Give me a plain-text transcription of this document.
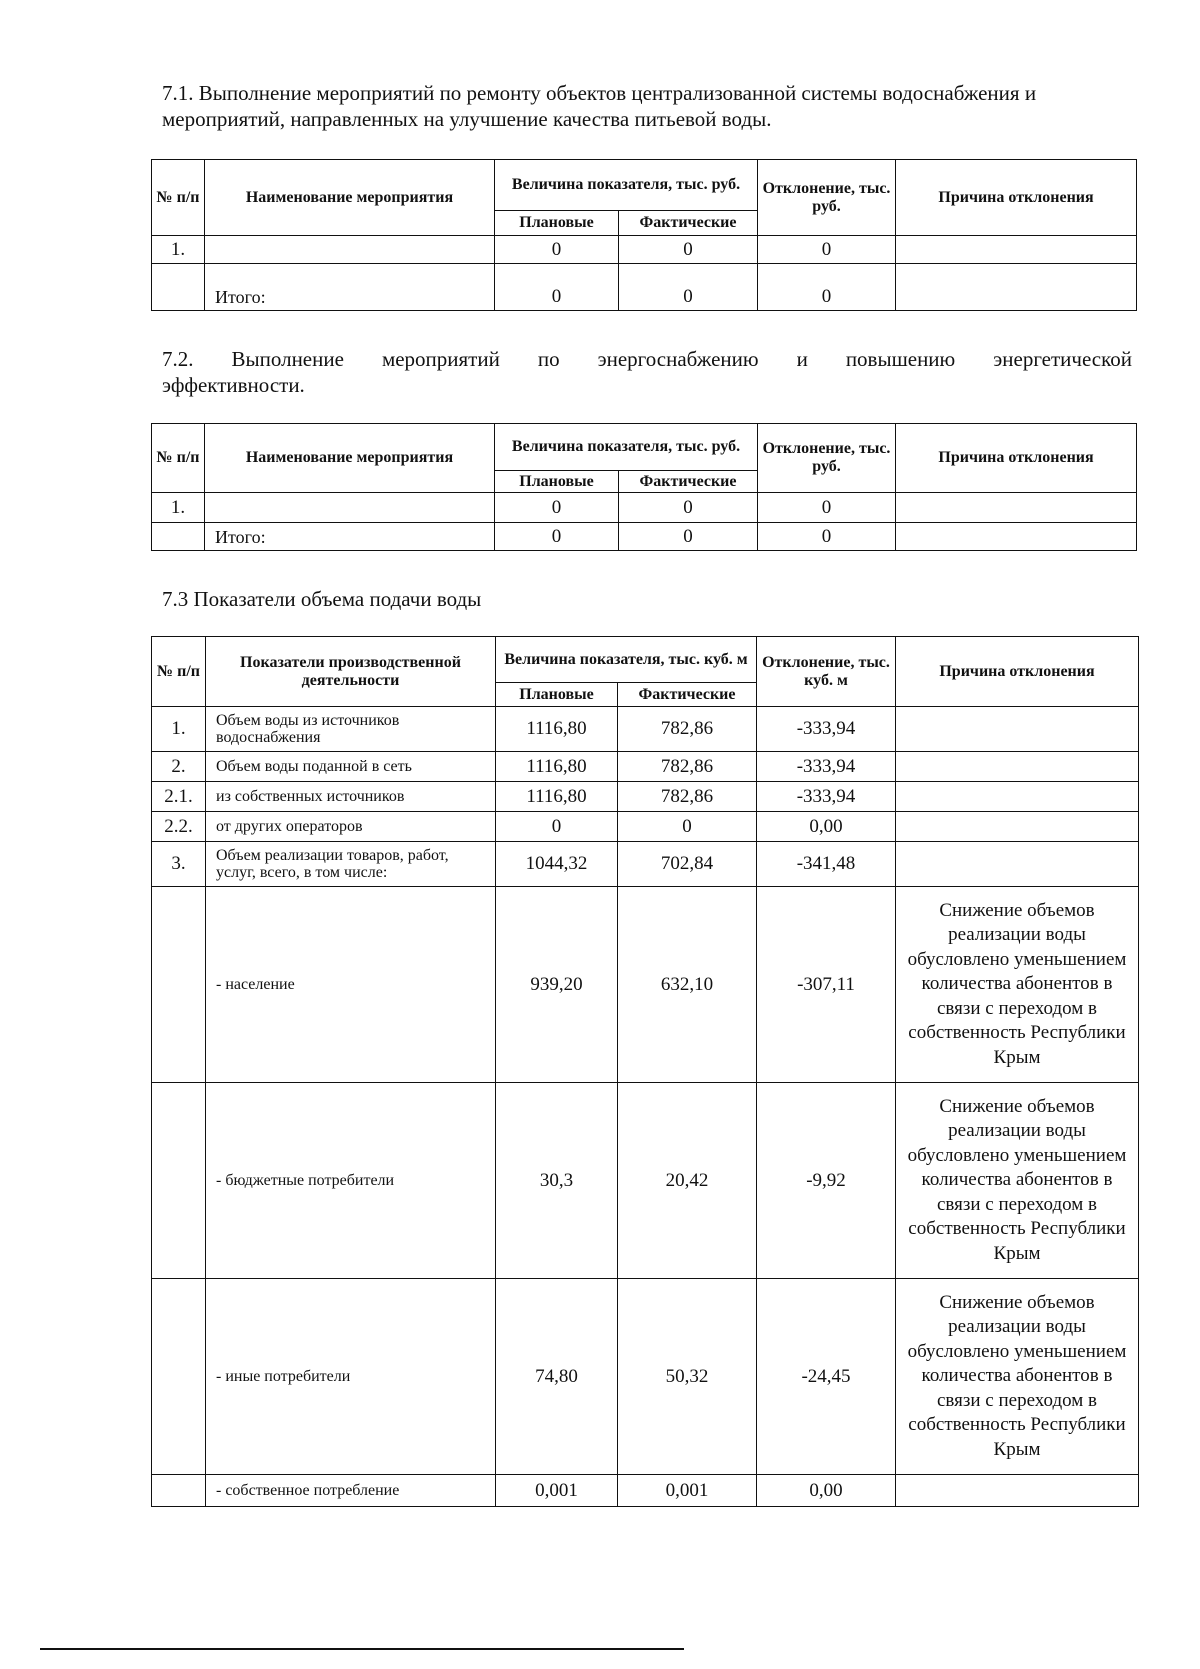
7.1. Выполнение мероприятий по ремонту объектов централизованной системы водоснабжения и мероприятий, направленных на улучшение качества питьевой воды.
№ п/п	Наименование мероприятия	Величина показателя, тыс. руб.		Отклонение, тыс. руб.	Причина отклонения
		Плановые	Фактические		
1.		0	0	0	
	Итого:	0	0	0	
7.2. Выполнение мероприятий по энергоснабжению и повышению энергетической
эффективности.
№ п/п	Наименование мероприятия	Величина показателя, тыс. руб.		Отклонение, тыс. руб.	Причина отклонения
		Плановые	Фактические		
1.		0	0	0	
	Итого:	0	0	0	
7.3 Показатели объема подачи воды
№ п/п	Показатели производственной деятельности	Величина показателя, тыс. куб. м		Отклонение, тыс. куб. м	Причина отклонения
		Плановые	Фактические		
1.	Объем воды из источников водоснабжения	1116,80	782,86	-333,94	
2.	Объем воды поданной в сеть	1116,80	782,86	-333,94	
2.1.	из собственных источников	1116,80	782,86	-333,94	
2.2.	от других операторов	0	0	0,00	
3.	Объем реализации товаров, работ, услуг, всего, в том числе:	1044,32	702,84	-341,48	
	- население	939,20	632,10	-307,11	Снижение объемов реализации воды обусловлено уменьшением количества абонентов в связи с переходом в собственность Республики Крым
	- бюджетные потребители	30,3	20,42	-9,92	Снижение объемов реализации воды обусловлено уменьшением количества абонентов в связи с переходом в собственность Республики Крым
	- иные потребители	74,80	50,32	-24,45	Снижение объемов реализации воды обусловлено уменьшением количества абонентов в связи с переходом в собственность Республики Крым
	- собственное потребление	0,001	0,001	0,00	
